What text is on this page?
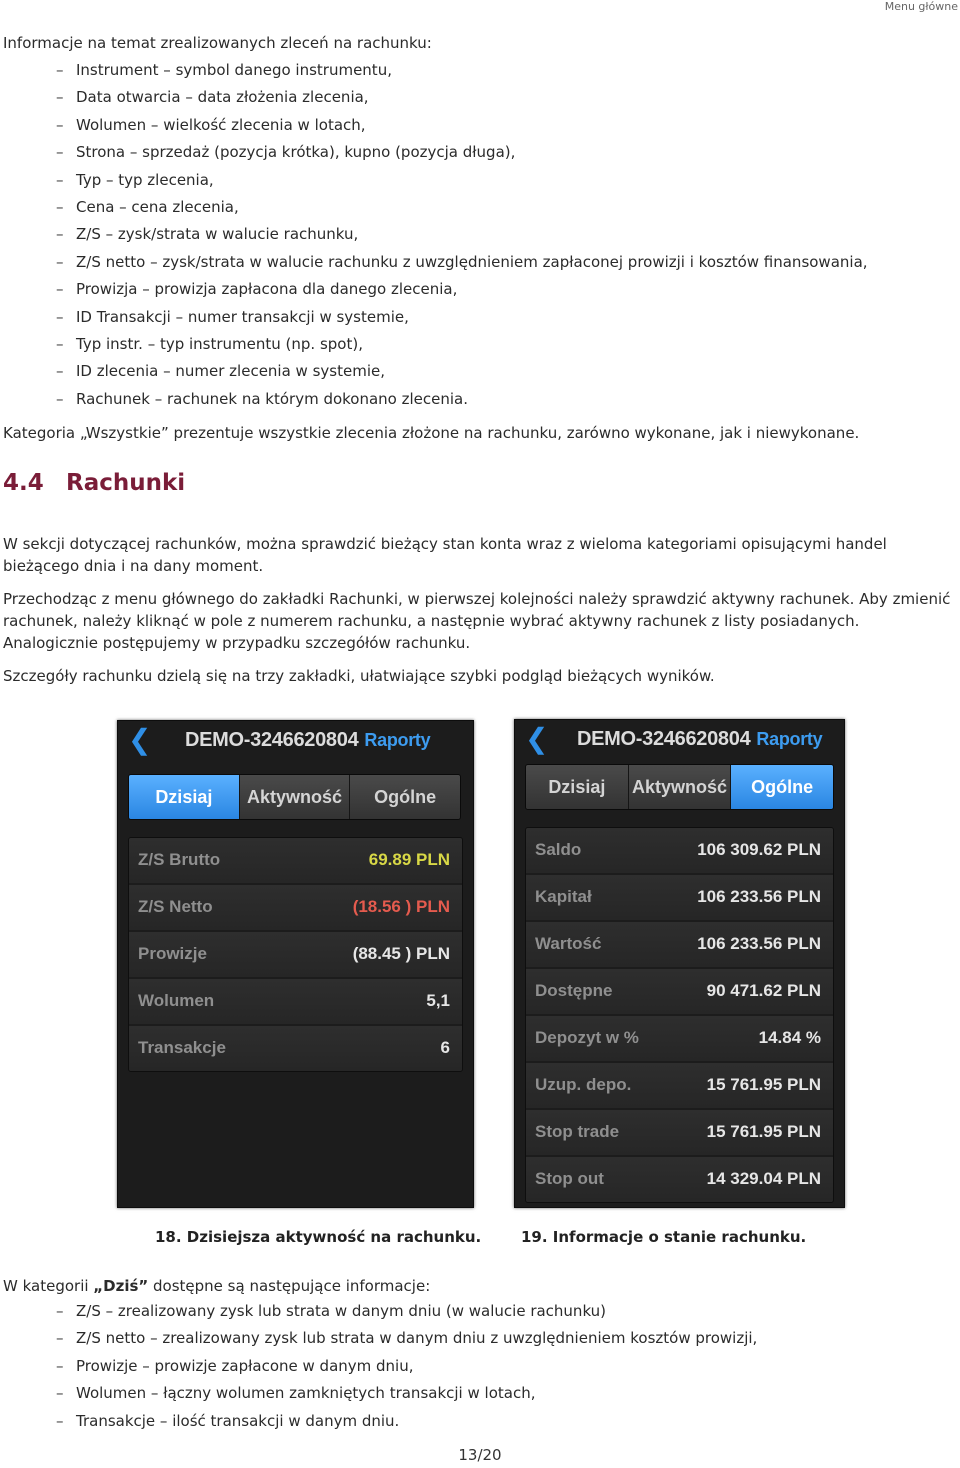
Menu główne

Informacje na temat zrealizowanych zleceń na rachunku:

– Instrument – symbol danego instrumentu,
– Data otwarcia – data złożenia zlecenia,
– Wolumen – wielkość zlecenia w lotach,
– Strona – sprzedaż (pozycja krótka), kupno (pozycja długa),
– Typ – typ zlecenia,
– Cena – cena zlecenia,
– Z/S – zysk/strata w walucie rachunku,
– Z/S netto – zysk/strata w walucie rachunku z uwzględnieniem zapłaconej prowizji i kosztów finansowania,
– Prowizja – prowizja zapłacona dla danego zlecenia,
– ID Transakcji – numer transakcji w systemie,
– Typ instr. – typ instrumentu (np. spot),
– ID zlecenia – numer zlecenia w systemie,
– Rachunek – rachunek na którym dokonano zlecenia.

Kategoria „Wszystkie” prezentuje wszystkie zlecenia złożone na rachunku, zarówno wykonane, jak i niewykonane.

4.4 Rachunki

W sekcji dotyczącej rachunków, można sprawdzić bieżący stan konta wraz z wieloma kategoriami opisującymi handel bieżącego dnia i na dany moment.

Przechodząc z menu głównego do zakładki Rachunki, w pierwszej kolejności należy sprawdzić aktywny rachunek. Aby zmienić rachunek, należy kliknąć w pole z numerem rachunku, a następnie wybrać aktywny rachunek z listy posiadanych. Analogicznie postępujemy w przypadku szczegółów rachunku.

Szczegóły rachunku dzielą się na trzy zakładki, ułatwiające szybki podgląd bieżących wyników.

❮ DEMO-3246620804 Raporty
Dzisiaj	Aktywność	Ogólne
Z/S Brutto	69.89 PLN
Z/S Netto	(18.56 ) PLN
Prowizje	(88.45 ) PLN
Wolumen	5,1
Transakcje	6
❮ DEMO-3246620804 Raporty
Dzisiaj	Aktywność	Ogólne
Saldo	106 309.62 PLN
Kapitał	106 233.56 PLN
Wartość	106 233.56 PLN
Dostępne	90 471.62 PLN
Depozyt w %	14.84 %
Uzup. depo.	15 761.95 PLN
Stop trade	15 761.95 PLN
Stop out	14 329.04 PLN
18. Dzisiejsza aktywność na rachunku.	19. Informacje o stanie rachunku.
W kategorii „Dziś” dostępne są następujące informacje:
– Z/S – zrealizowany zysk lub strata w danym dniu (w walucie rachunku)
– Z/S netto – zrealizowany zysk lub strata w danym dniu z uwzględnieniem kosztów prowizji,
– Prowizje – prowizje zapłacone w danym dniu,
– Wolumen – łączny wolumen zamkniętych transakcji w lotach,
– Transakcje – ilość transakcji w danym dniu.
13/20
